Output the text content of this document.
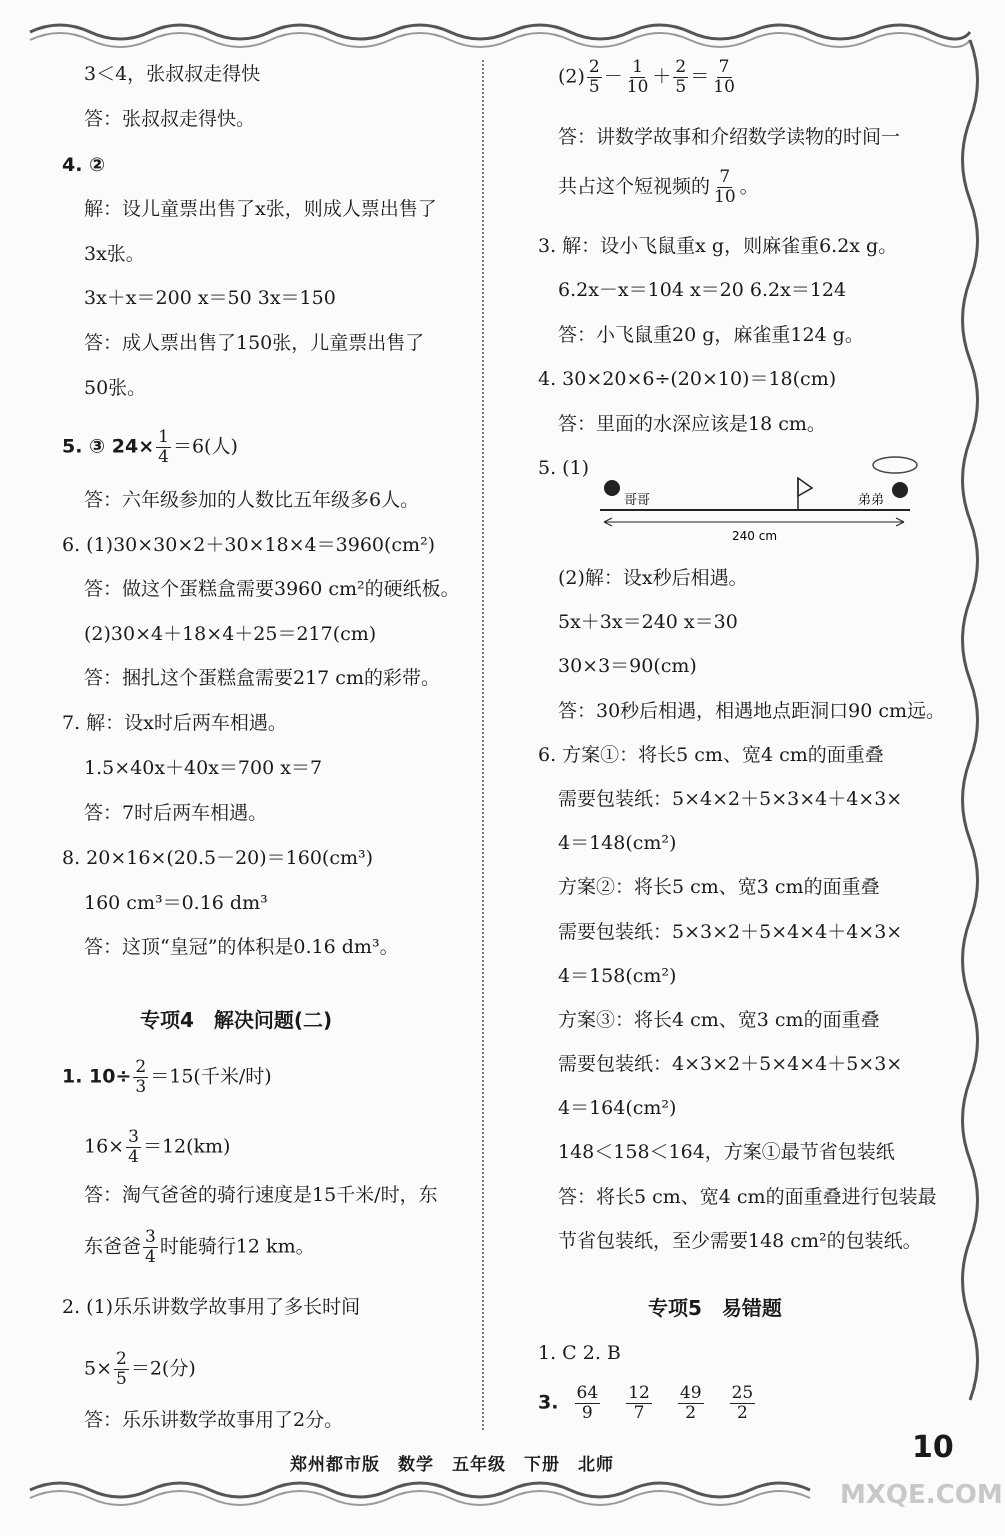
3＜4，张叔叔走得快
答：张叔叔走得快。
4. ②
解：设儿童票出售了x张，则成人票出售了
3x张。
3x＋x＝200 x＝50 3x＝150
答：成人票出售了150张，儿童票出售了
50张。
答：六年级参加的人数比五年级多6人。
6. (1)30×30×2＋30×18×4＝3960(cm²)
答：做这个蛋糕盒需要3960 cm²的硬纸板。
(2)30×4＋18×4＋25＝217(cm)
答：捆扎这个蛋糕盒需要217 cm的彩带。
7. 解：设x时后两车相遇。
1.5×40x＋40x＝700 x＝7
答：7时后两车相遇。
8. 20×16×(20.5－20)＝160(cm³)
160 cm³＝0.16 dm³
答：这顶“皇冠”的体积是0.16 dm³。
答：淘气爸爸的骑行速度是15千米/时，东
2. (1)乐乐讲数学故事用了多长时间
答：乐乐讲数学故事用了2分。
答：讲数学故事和介绍数学读物的时间一
3. 解：设小飞鼠重x g，则麻雀重6.2x g。
6.2x－x＝104 x＝20 6.2x＝124
答：小飞鼠重20 g，麻雀重124 g。
4. 30×20×6÷(20×10)＝18(cm)
答：里面的水深应该是18 cm。
5. (1)
(2)解：设x秒后相遇。
5x＋3x＝240 x＝30
30×3＝90(cm)
答：30秒后相遇，相遇地点距洞口90 cm远。
6. 方案①：将长5 cm、宽4 cm的面重叠
需要包装纸：5×4×2＋5×3×4＋4×3×
4＝148(cm²)
方案②：将长5 cm、宽3 cm的面重叠
需要包装纸：5×3×2＋5×4×4＋4×3×
4＝158(cm²)
方案③：将长4 cm、宽3 cm的面重叠
需要包装纸：4×3×2＋5×4×4＋5×3×
4＝164(cm²)
148＜158＜164，方案①最节省包装纸
答：将长5 cm、宽4 cm的面重叠进行包装最
节省包装纸，至少需要148 cm²的包装纸。
1. C 2. B
专项4　解决问题(二)
专项5　易错题
5. ③ $24\times \frac{1}{4} =6$(人)
1. $10\div \frac{2}{3} =15$(千米/时)
$16\times \frac{3}{4} =12(km)$
东爸爸 $\frac{3}{4}$ 时能骑行12 km。
$5\times \frac{2}{5} =2$(分)
$(2) \frac{2}{5} - \frac{1}{10} + \frac{2}{5} = \frac{7}{10}$
共占这个短视频的 $\frac{7}{10}$ 。
3. $\frac{64}{9}$
$\frac{12}{7}$
$\frac{49}{2}$
$\frac{25}{2}$
哥哥	弟弟
240 cm
郑州都市版　数学　五年级　下册　北师	10
MXQE.COM
